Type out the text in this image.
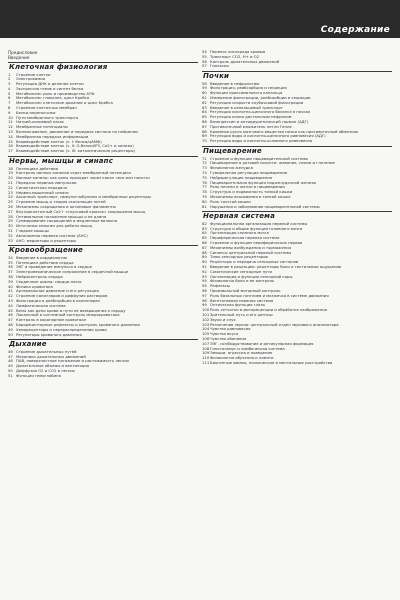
Содержание
Предисловие
Введение
Клеточная физиология
1	Строение клетки
2	Электрохимия
3	Регуляция ДНК и деление клетки
4	Экспрессия генов и синтез белка
5	Метаболизм: роль и производство АТФ
6	Метаболизм: гликолиз, цикл Кребса
7	Метаболизм: клеточное дыхание и цикл Кребса
8	Строение клеточных мембран
9	Белки-переносчики
10 Пути мембранного транспорта
11 Натрий-калиевый насос
12 Мембранные потенциалы
13 Возникновение, движение и передача сигнала по нейронам
14 Мембранная передача информации
15 Взаимодействие клеток (ч. I: белки/цАМФ)
16 Взаимодействие клеток (ч. II: G-белки/IP3, Ca2+ и киназы)
17 Взаимодействие клеток (ч. III: каталитические рецепторы)
Нервы, мышцы и синапс
18 Потенциал действия
19 Контроль ионных каналов через мембранный потенциал
20 Ионные каналы: как ионы проходят через канал «все или ничего»
21 Передача нервных импульсов
22 Синаптическая передача
23 Нервно-мышечный синапс
24 Аксонный транспорт, иммуноглобулины и мембранные рецепторы
25 Строение мышц и теория скользящих нитей
26 Механизмы сокращения и актиновые филаменты
27 Внутриклеточный Ca2+ «спусковой крючок» сокращения мышц
28 Оптимальное положение мышцы и ее длина
29 Суммирование сокращений и медленные волокна
30 Источники энергии для работы мышц
31 Гладкие мышцы
32 Автономная нервная система (АНС)
33 АНС: медиаторы и рецепторы
Кровообращение
34 Введение в кардиологию
35 Потенциал действия сердца
36 ЭКГ и проведение импульса в сердце
37 Электромеханическое сопряжение в сердечной мышце
38 Нейроконтроль сердца
39 Сердечные циклы: сердце-насос
40 Физика кровотока
41 Артериальное давление и его регуляция
42 Строение капилляров и диффузия растворов
43 Фильтрация и реабсорбция в капиллярах
44 Лимфатическая система
45 Вены как депо крови и пути ее возвращения к сердцу
46 Локальный и системный контроль микрокровотока
47 Контроль в коронарном кровотоке
48 Барорецепторные рефлексы и контроль кровяного давления
49 Хеморецепторы и перераспределение крови
50 Регуляторы кровяного давления
Дыхание
46 Строение дыхательных путей
47 Механика дыхательных движений
48 ПАВ, поверхностное натяжение и растяжимость легких
49 Дыхательные объемы и вентиляция
50 Диффузия O2 и CO2 в легких
51 Функции гемоглобина
54 Перенос кислорода кровью
55 Транспорт CO2, H+ и O2
56 Контроль дыхательных движений
57 Гипоксия
Почки
58 Введение в нефрологию
59 Фильтрация, реабсорбция и секреция
60 Функции проксимального канальца
61 Измерение фильтрации, реабсорбции и секреции
62 Регуляция скорости клубочковой фильтрации
63 Введение в канальцевый транспорт
64 Регуляция кислотно-щелочного баланса в почках
65 Регуляция калия дистальным нефроном
66 Вазопрессин и антидиуретический гормон (АДГ)
67 Противоточный множитель петли Генле
68 Кровяное русло мозгового вещества почки как противоточный обменник
69 Регуляция воды и кислотно-щелочного равновесия (АДГ)
70 Регуляция воды и кислотно-основного равновесия
Пищеварение
71 Строение и функции пищеварительной системы
72 Пищеварение в ротовой полости: жевание, слюна и глотание
73 Физиология желудка
74 Гуморальная регуляция пищеварения
75 Нейрорегуляция пищеварения
76 Пищеварительная функция поджелудочной железы
77 Роль печени и желчи в пищеварении
78 Структура и подвижность тонкой кишки
79 Механизмы всасывания в тонкой кишке
80 Роль толстой кишки
81 Нарушения и заболевания пищеварительной системы
Нервная система
82 Функциональная организация нервной системы
83 Структура и общие функции головного мозга
84 Организация спинного мозга
85 Периферическая нервная система
86 Строение и функции периферических нервов
87 Механизмы возбуждения и торможения
88 Синапсы центральной нервной системы
89 Типы сенсорных рецепторов
90 Рецепторы и передача сенсорных сигналов
91 Введение в рецепцию: рецепторы боли и тактильные ощущения
92 Соматические сенсорные пути
93 Организация и функции сенсорной коры
94 Физиология боли и ее контроль
95 Рефлексы
96 Произвольный моторный контроль
97 Роль базальных ганглиев и мозжечка в системе движения
98 Вегетативная нервная система
99 Оптическая функция глаза
100 Роль сетчатки в фоторецепции и обработке изображения
101 Зрительный путь и его центры
102 Звуки и слух
103 Различение звуков: центральный отдел звукового анализатора
104 Чувство равновесия
105 Чувство вкуса
106 Чувство обоняния
107 ЭЭГ, сон/бодрствование и ретикулярная формация
108 Гипоталамус и лимбическая система
109 Эмоции, агрессия и поведение
110 Физиология обучения и памяти
111 Биогенные амины, психические и ментальные расстройства
